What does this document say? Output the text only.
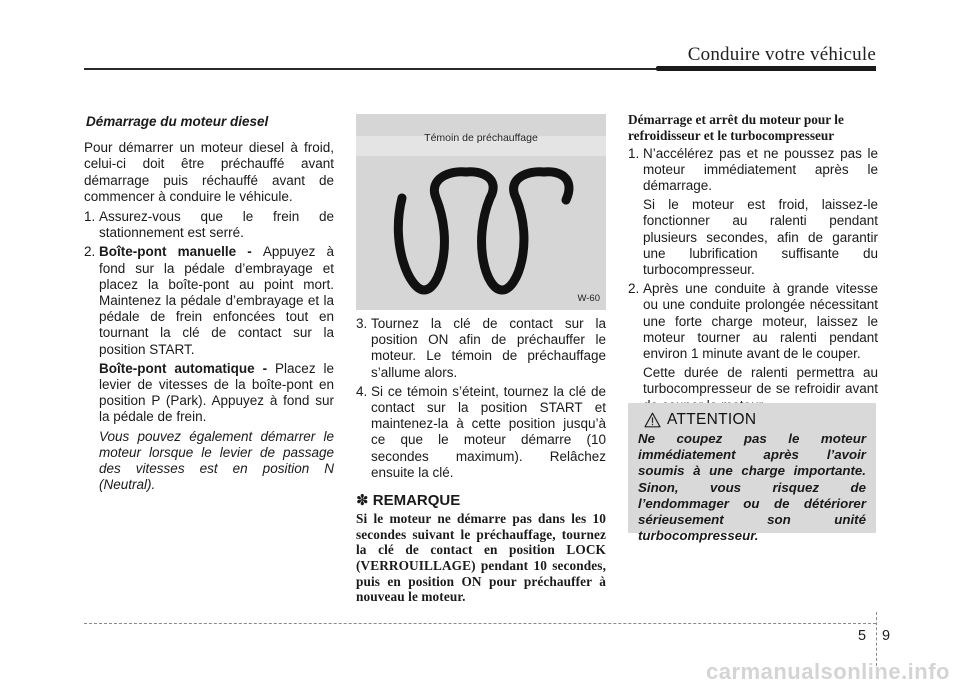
Conduire votre véhicule
Démarrage du moteur diesel
Pour démarrer un moteur diesel à froid, celui-ci doit être préchauffé avant démarrage puis réchauffé avant de commencer à conduire le véhicule.
1. Assurez-vous que le frein de stationnement est serré.
2. Boîte-pont manuelle - Appuyez à fond sur la pédale d’embrayage et placez la boîte-pont au point mort. Maintenez la pédale d’embrayage et la pédale de frein enfoncées tout en tournant la clé de contact sur la position START.
Boîte-pont automatique - Placez le levier de vitesses de la boîte-pont en position P (Park). Appuyez à fond sur la pédale de frein.
Vous pouvez également démarrer le moteur lorsque le levier de passage des vitesses est en position N (Neutral).
Témoin de préchauffage
W-60
3. Tournez la clé de contact sur la position ON afin de préchauffer le moteur. Le témoin de préchauffage s’allume alors.
4. Si ce témoin s’éteint, tournez la clé de contact sur la position START et maintenez-la à cette position jusqu’à ce que le moteur démarre (10 secondes maximum). Relâchez ensuite la clé.
✽ REMARQUE
Si le moteur ne démarre pas dans les 10 secondes suivant le préchauffage, tournez la clé de contact en position LOCK (VERROUILLAGE) pendant 10 secondes, puis en position ON pour préchauffer à nouveau le moteur.
Démarrage et arrêt du moteur pour le refroidisseur et le turbocompresseur
1. N’accélérez pas et ne poussez pas le moteur immédiatement après le démarrage.
Si le moteur est froid, laissez-le fonctionner au ralenti pendant plusieurs secondes, afin de garantir une lubrification suffisante du turbocompresseur.
2. Après une conduite à grande vitesse ou une conduite prolongée nécessitant une forte charge moteur, laissez le moteur tourner au ralenti pendant environ 1 minute avant de le couper.
Cette durée de ralenti permettra au turbocompresseur de se refroidir avant
ATTENTION
Ne coupez pas le moteur immédiatement après l’avoir soumis à une charge importante. Sinon, vous risquez de l’endommager ou de détériorer sérieusement son unité turbocompresseur.
5 9
carmanualsonline.info
